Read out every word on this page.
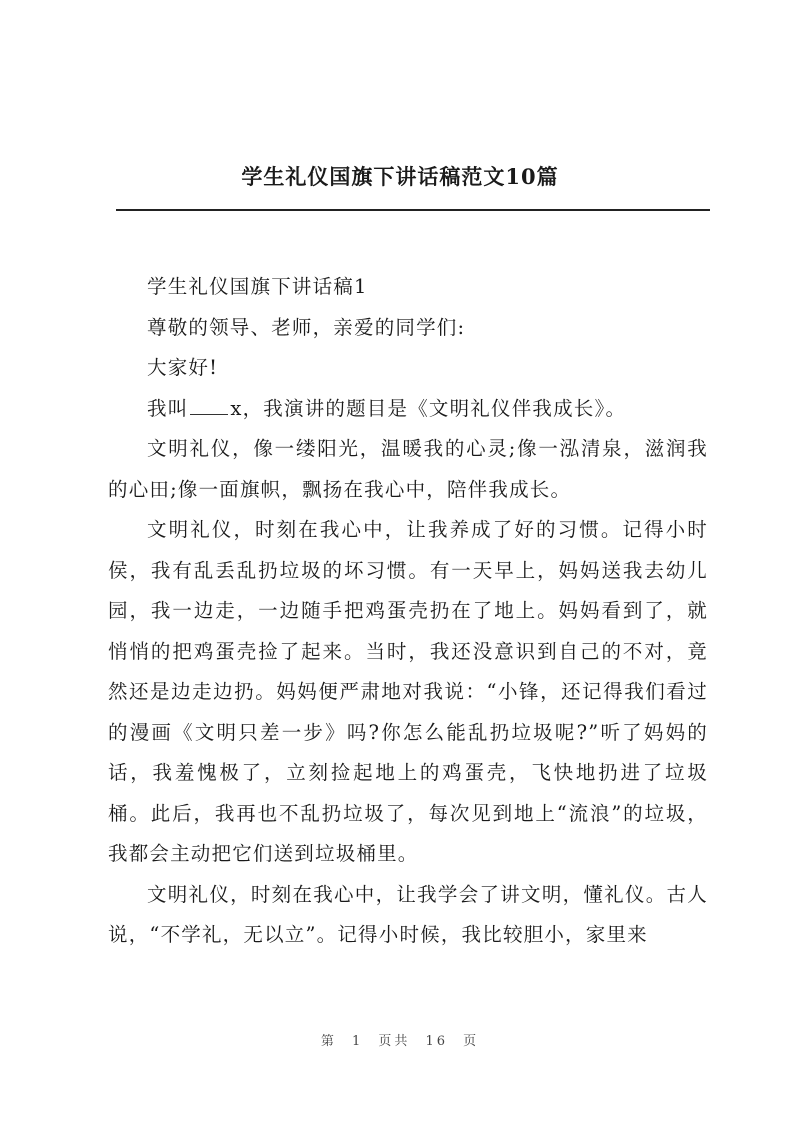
学生礼仪国旗下讲话稿范文10篇

学生礼仪国旗下讲话稿1

尊敬的领导、老师，亲爱的同学们:

大家好!

我叫 x，我演讲的题目是《文明礼仪伴我成长》。

文明礼仪，像一缕阳光，温暖我的心灵;像一泓清泉，滋润我的心田;像一面旗帜，飘扬在我心中，陪伴我成长。

文明礼仪，时刻在我心中，让我养成了好的习惯。记得小时侯，我有乱丢乱扔垃圾的坏习惯。有一天早上，妈妈送我去幼儿园，我一边走，一边随手把鸡蛋壳扔在了地上。妈妈看到了，就悄悄的把鸡蛋壳捡了起来。当时，我还没意识到自己的不对，竟然还是边走边扔。妈妈便严肃地对我说：“小锋，还记得我们看过的漫画《文明只差一步》吗?你怎么能乱扔垃圾呢?”听了妈妈的话，我羞愧极了，立刻捡起地上的鸡蛋壳，飞快地扔进了垃圾桶。此后，我再也不乱扔垃圾了，每次见到地上“流浪”的垃圾，我都会主动把它们送到垃圾桶里。

文明礼仪，时刻在我心中，让我学会了讲文明，懂礼仪。古人说，“不学礼，无以立”。记得小时候，我比较胆小，家里来

第 1 页共 16 页
